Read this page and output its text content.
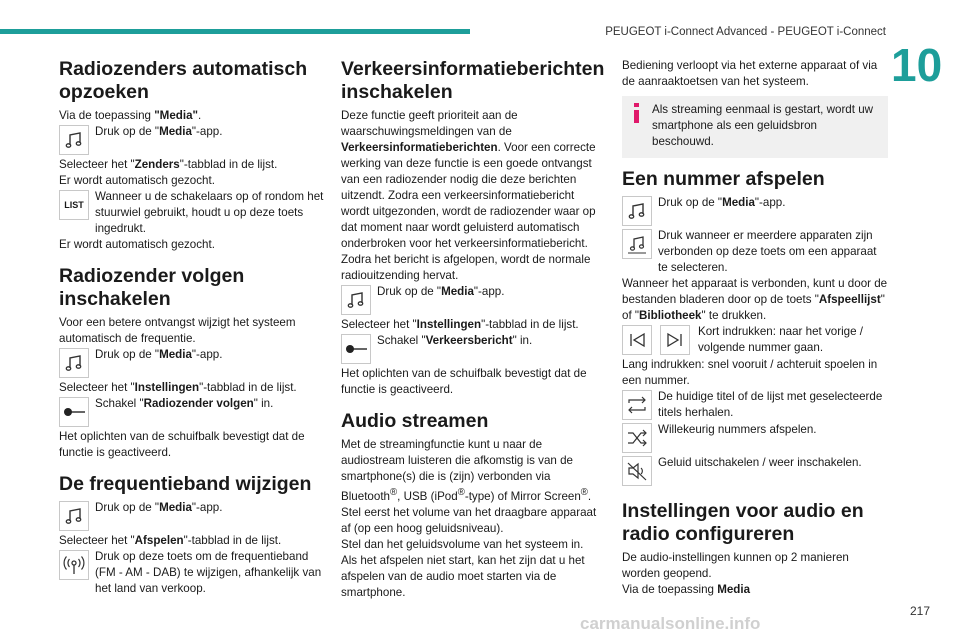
PEUGEOT i-Connect Advanced - PEUGEOT i-Connect
10
Radiozenders automatisch opzoeken

Via de toepassing "Media".

Druk op de "Media"-app.

Selecteer het "Zenders"-tabblad in de lijst.

Er wordt automatisch gezocht.

LIST
Wanneer u de schakelaars op of rondom het stuurwiel gebruikt, houdt u op deze toets ingedrukt.

Er wordt automatisch gezocht.

Radiozender volgen inschakelen

Voor een betere ontvangst wijzigt het systeem automatisch de frequentie.

Druk op de "Media"-app.

Selecteer het "Instellingen"-tabblad in de lijst.

Schakel "Radiozender volgen" in.

Het oplichten van de schuifbalk bevestigt dat de functie is geactiveerd.

De frequentieband wijzigen
Druk op de "Media"-app.

Selecteer het "Afspelen"-tabblad in de lijst.

Druk op deze toets om de frequentieband (FM - AM - DAB) te wijzigen, afhankelijk van het land van verkoop.
Verkeersinformatieberichten inschakelen

Deze functie geeft prioriteit aan de waarschuwingsmeldingen van de Verkeersinformatieberichten. Voor een correcte werking van deze functie is een goede ontvangst van een radiozender nodig die deze berichten uitzendt. Zodra een verkeersinformatiebericht wordt uitgezonden, wordt de radiozender waar op dat moment naar wordt geluisterd automatisch onderbroken voor het verkeersinformatiebericht. Zodra het bericht is afgelopen, wordt de normale radiouitzending hervat.

Druk op de "Media"-app.

Selecteer het "Instellingen"-tabblad in de lijst.

Schakel "Verkeersbericht" in.

Het oplichten van de schuifbalk bevestigt dat de functie is geactiveerd.

Audio streamen

Met de streamingfunctie kunt u naar de audiostream luisteren die afkomstig is van de smartphone(s) die is (zijn) verbonden via Bluetooth®, USB (iPod®-type) of Mirror Screen®.

Stel eerst het volume van het draagbare apparaat af (op een hoog geluidsniveau).

Stel dan het geluidsvolume van het systeem in.

Als het afspelen niet start, kan het zijn dat u het afspelen van de audio moet starten via de smartphone.

Bediening verloopt via het externe apparaat of via de aanraaktoetsen van het systeem.

Als streaming eenmaal is gestart, wordt uw smartphone als een geluidsbron beschouwd.
Een nummer afspelen
Druk op de "Media"-app.
Druk wanneer er meerdere apparaten zijn verbonden op deze toets om een apparaat te selecteren.

Wanneer het apparaat is verbonden, kunt u door de bestanden bladeren door op de toets "Afspeellijst" of "Bibliotheek" te drukken.

Kort indrukken: naar het vorige / volgende nummer gaan.

Lang indrukken: snel vooruit / achteruit spoelen in een nummer.

De huidige titel of de lijst met geselecteerde titels herhalen.
Willekeurig nummers afspelen.
Geluid uitschakelen / weer inschakelen.
Instellingen voor audio en radio configureren

De audio-instellingen kunnen op 2 manieren worden geopend.

Via de toepassing Media

carmanualsonline.info
217
